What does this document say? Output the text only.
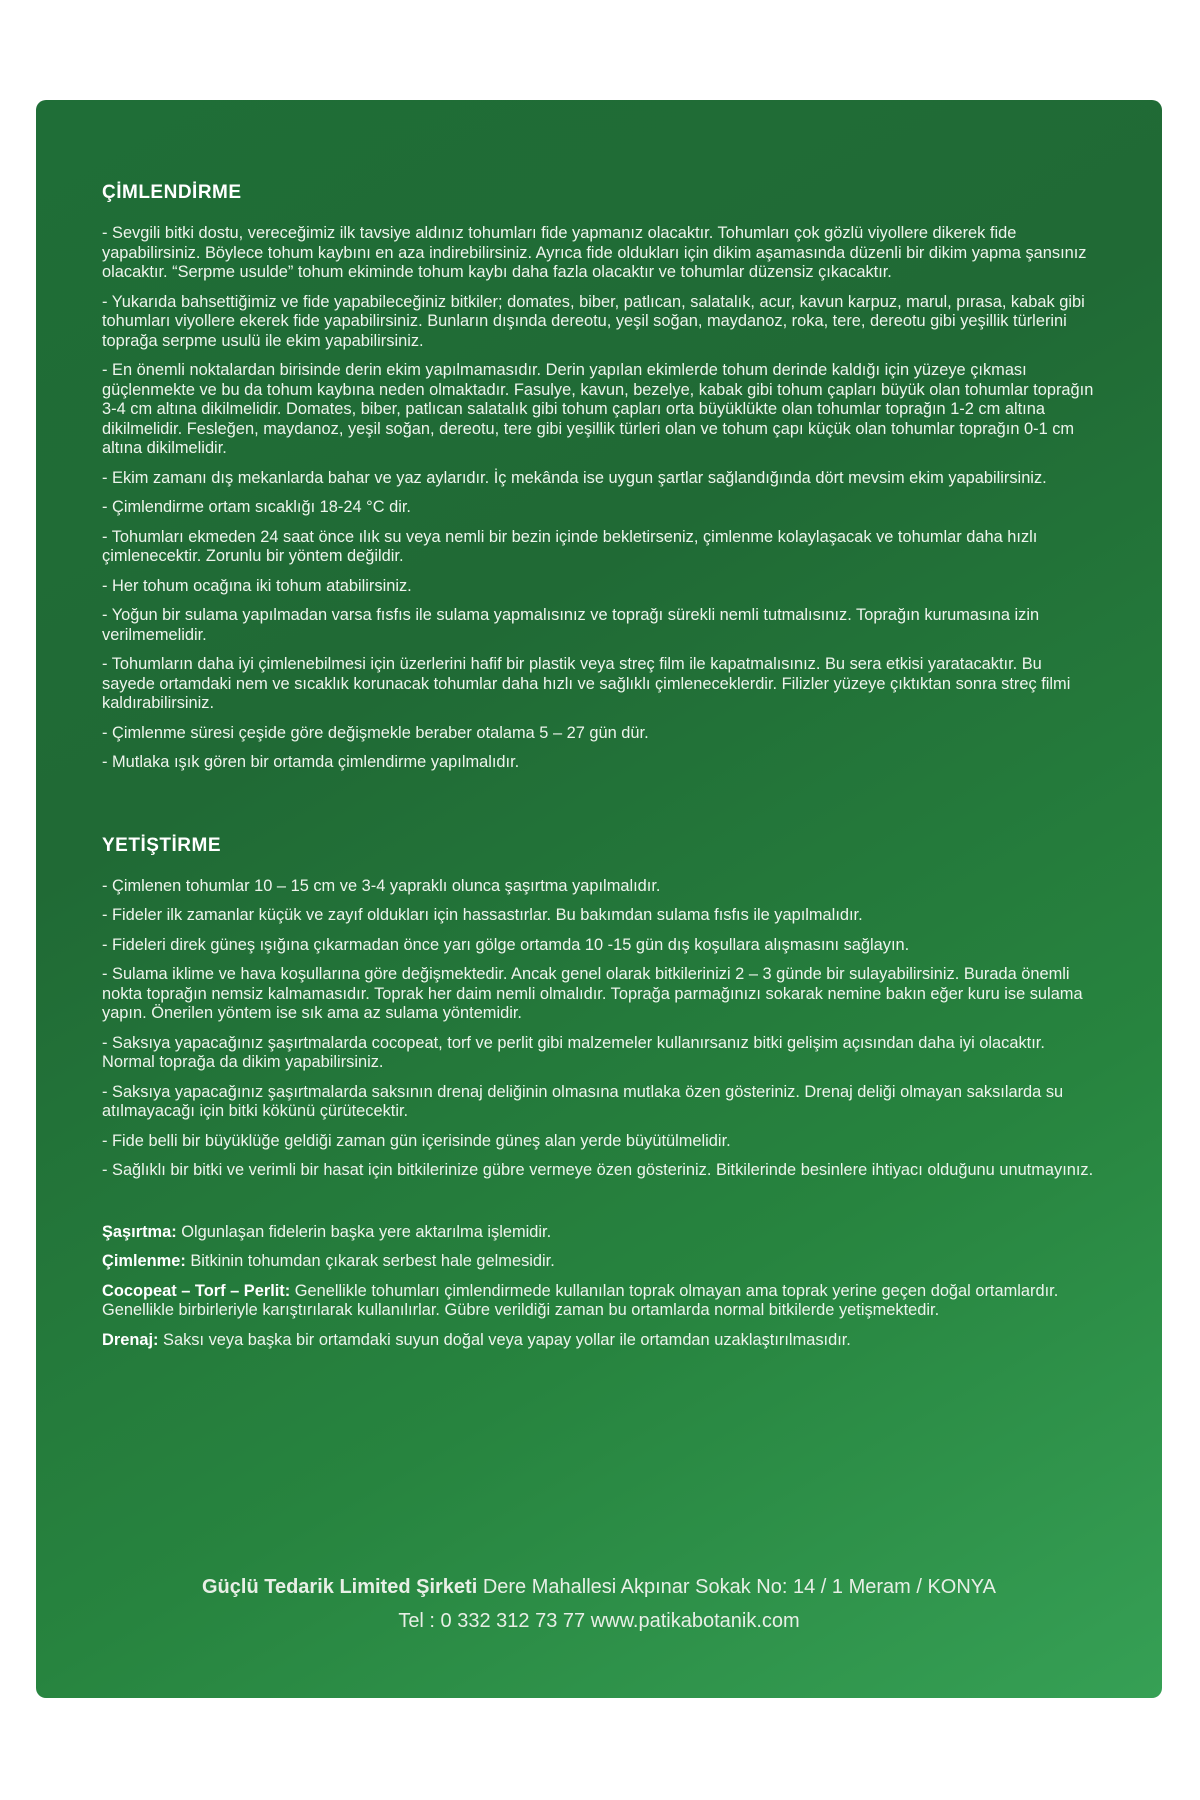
ÇİMLENDİRME

- Sevgili bitki dostu, vereceğimiz ilk tavsiye aldınız tohumları fide yapmanız olacaktır. Tohumları çok gözlü viyollere dikerek fide yapabilirsiniz. Böylece tohum kaybını en aza indirebilirsiniz. Ayrıca fide oldukları için dikim aşamasında düzenli bir dikim yapma şansınız olacaktır. “Serpme usulde” tohum ekiminde tohum kaybı daha fazla olacaktır ve tohumlar düzensiz çıkacaktır.

- Yukarıda bahsettiğimiz ve fide yapabileceğiniz bitkiler; domates, biber, patlıcan, salatalık, acur, kavun karpuz, marul, pırasa, kabak gibi tohumları viyollere ekerek fide yapabilirsiniz. Bunların dışında dereotu, yeşil soğan, maydanoz, roka, tere, dereotu gibi yeşillik türlerini toprağa serpme usulü ile ekim yapabilirsiniz.

- En önemli noktalardan birisinde derin ekim yapılmamasıdır. Derin yapılan ekimlerde tohum derinde kaldığı için yüzeye çıkması güçlenmekte ve bu da tohum kaybına neden olmaktadır. Fasulye, kavun, bezelye, kabak gibi tohum çapları büyük olan tohumlar toprağın 3-4 cm altına dikilmelidir. Domates, biber, patlıcan salatalık gibi tohum çapları orta büyüklükte olan tohumlar toprağın 1-2 cm altına dikilmelidir. Fesleğen, maydanoz, yeşil soğan, dereotu, tere gibi yeşillik türleri olan ve tohum çapı küçük olan tohumlar toprağın 0-1 cm altına dikilmelidir.

- Ekim zamanı dış mekanlarda bahar ve yaz aylarıdır. İç mekânda ise uygun şartlar sağlandığında dört mevsim ekim yapabilirsiniz.

- Çimlendirme ortam sıcaklığı 18-24 °C dir.

- Tohumları ekmeden 24 saat önce ılık su veya nemli bir bezin içinde bekletirseniz, çimlenme kolaylaşacak ve tohumlar daha hızlı çimlenecektir. Zorunlu bir yöntem değildir.

- Her tohum ocağına iki tohum atabilirsiniz.

- Yoğun bir sulama yapılmadan varsa fısfıs ile sulama yapmalısınız ve toprağı sürekli nemli tutmalısınız. Toprağın kurumasına izin verilmemelidir.

- Tohumların daha iyi çimlenebilmesi için üzerlerini hafif bir plastik veya streç film ile kapatmalısınız. Bu sera etkisi yaratacaktır. Bu sayede ortamdaki nem ve sıcaklık korunacak tohumlar daha hızlı ve sağlıklı çimleneceklerdir. Filizler yüzeye çıktıktan sonra streç filmi kaldırabilirsiniz.

- Çimlenme süresi çeşide göre değişmekle beraber otalama 5 – 27 gün dür.

- Mutlaka ışık gören bir ortamda çimlendirme yapılmalıdır.

YETİŞTİRME

- Çimlenen tohumlar 10 – 15 cm ve 3-4 yapraklı olunca şaşırtma yapılmalıdır.

- Fideler ilk zamanlar küçük ve zayıf oldukları için hassastırlar. Bu bakımdan sulama fısfıs ile yapılmalıdır.

- Fideleri direk güneş ışığına çıkarmadan önce yarı gölge ortamda 10 -15 gün dış koşullara alışmasını sağlayın.

- Sulama iklime ve hava koşullarına göre değişmektedir. Ancak genel olarak bitkilerinizi 2 – 3 günde bir sulayabilirsiniz. Burada önemli nokta toprağın nemsiz kalmamasıdır. Toprak her daim nemli olmalıdır. Toprağa parmağınızı sokarak nemine bakın eğer kuru ise sulama yapın. Önerilen yöntem ise sık ama az sulama yöntemidir.

- Saksıya yapacağınız şaşırtmalarda cocopeat, torf ve perlit gibi malzemeler kullanırsanız bitki gelişim açısından daha iyi olacaktır. Normal toprağa da dikim yapabilirsiniz.

- Saksıya yapacağınız şaşırtmalarda saksının drenaj deliğinin olmasına mutlaka özen gösteriniz. Drenaj deliği olmayan saksılarda su atılmayacağı için bitki kökünü çürütecektir.

- Fide belli bir büyüklüğe geldiği zaman gün içerisinde güneş alan yerde büyütülmelidir.

- Sağlıklı bir bitki ve verimli bir hasat için bitkilerinize gübre vermeye özen gösteriniz. Bitkilerinde besinlere ihtiyacı olduğunu unutmayınız.

Şaşırtma: Olgunlaşan fidelerin başka yere aktarılma işlemidir.

Çimlenme: Bitkinin tohumdan çıkarak serbest hale gelmesidir.

Cocopeat – Torf – Perlit: Genellikle tohumları çimlendirmede kullanılan toprak olmayan ama toprak yerine geçen doğal ortamlardır. Genellikle birbirleriyle karıştırılarak kullanılırlar. Gübre verildiği zaman bu ortamlarda normal bitkilerde yetişmektedir.

Drenaj: Saksı veya başka bir ortamdaki suyun doğal veya yapay yollar ile ortamdan uzaklaştırılmasıdır.

Güçlü Tedarik Limited Şirketi Dere Mahallesi Akpınar Sokak No: 14 / 1 Meram / KONYA
Tel : 0 332 312 73 77 www.patikabotanik.com
